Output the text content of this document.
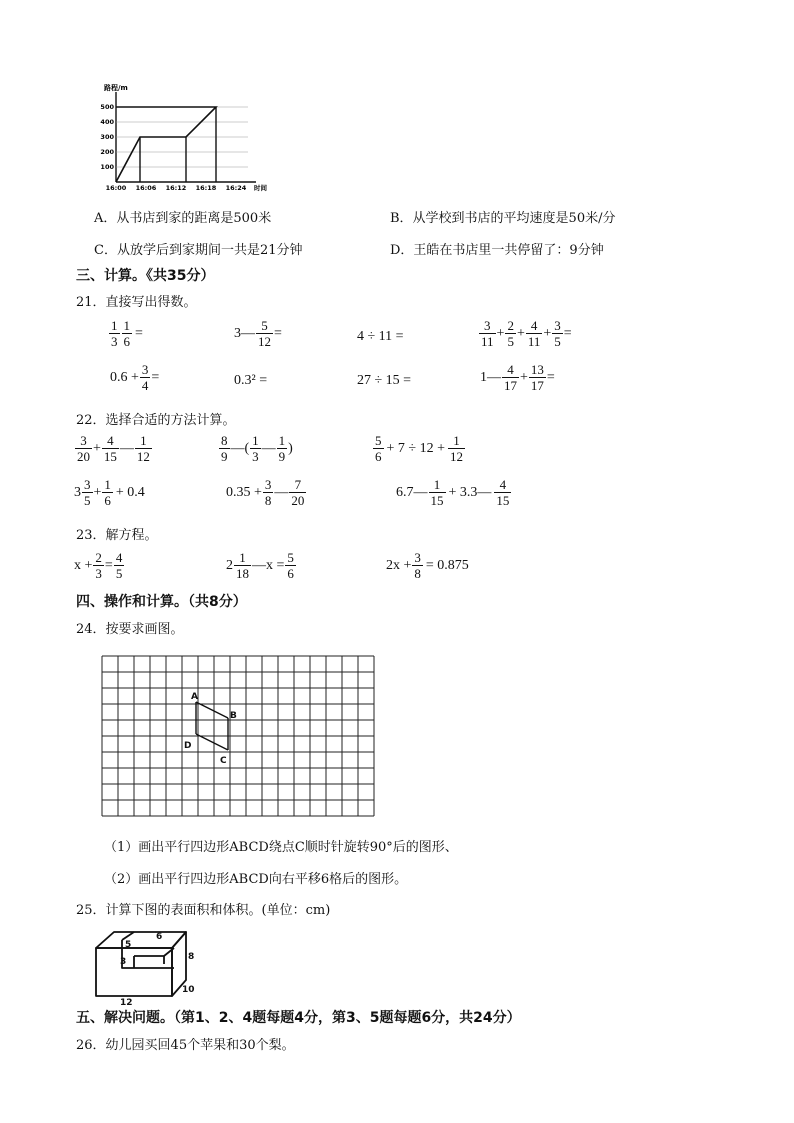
路程/m
500
400
300
200
100
16:00 16:06 16:12 16:18 16:24 时间
A．从书店到家的距离是500米	B．从学校到书店的平均速度是50米/分
C．从放学后到家期间一共是21分钟	D．王皓在书店里一共停留了：9分钟
三、计算。《共35分）
21．直接写出得数。
$\frac{1}{3} \frac{1}{6}$ =	3— $\frac{5}{12}$ =	4 ÷ 11 =	$\frac{3}{11} + \frac{2}{5} + \frac{4}{11} + \frac{3}{5}$ =
$0.6 + \frac{3}{4}$ =	0.3² =	27 ÷ 15 =	1— $\frac{4}{17} + \frac{13}{17}$ =
22．选择合适的方法计算。
$\frac{3}{20} + \frac{4}{15}$ — $\frac{1}{12}$	$\frac{8}{9}$ —( $\frac{1}{3}$ — $\frac{1}{9}$ )	$\frac{5}{6} + 7 \div 12 + \frac{1}{12}$
$3 \frac{3}{5} + \frac{1}{6} + 0.4$	$0.35 + \frac{3}{8}$ — $\frac{7}{20}$	6.7— $\frac{1}{15}$ + 3.3— $\frac{4}{15}$
23．解方程。
$x + \frac{2}{3} = \frac{4}{5}$	$2 \frac{1}{18}$ —x = $\frac{5}{6}$	$2x + \frac{3}{8} = 0.875$
四、操作和计算。（共8分）
24．按要求画图。
A
B
C
D
（1）画出平行四边形ABCD绕点C顺时针旋转90°后的图形、
（2）画出平行四边形ABCD向右平移6格后的图形。
25．计算下图的表面积和体积。(单位：cm)
6
5
3	8
10
12
五、解决问题。（第1、2、4题每题4分，第3、5题每题6分，共24分）
26．幼儿园买回45个苹果和30个梨。
